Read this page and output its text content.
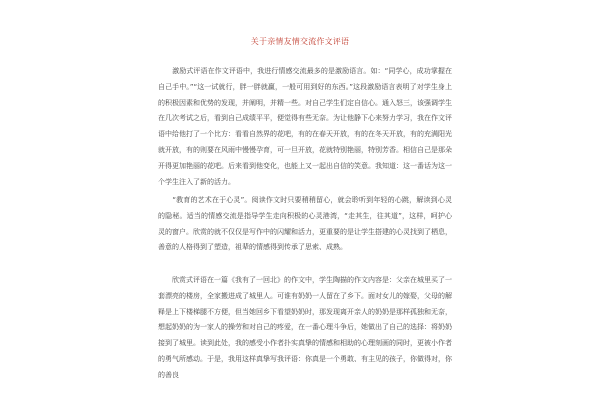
关于亲情友情交流作文评语
　　激励式评语在作文评语中，我进行情感交流最多的是激励语言。如：“同学心，成功掌握在自己手中。”“这一试就行，胖一胖就赢，一般可用到好的东西。”这段激励语言表明了对学生身上的积极因素和优势的发现，并阐明，并精一些。对自己学生们定自信心。通入怒三，该强调学生在几次考试之后，看到自己成绩平平，便觉得有些无奈。为让他静下心来努力学习，我在作文评语中给他打了一个比方：看看自然界的花吧，有的在春天开放，有的在冬天开放，有的充满阳光就开放，有的则要在风雨中慢慢孕育，可一旦开放，花就特别艳丽，特别芳香。相信自己是那朵开得更加艳丽的花吧。后来看到他变化，也能上又一起出自信的笑意。我知道：这一番话为这一个学生注入了新的活力。
　　“教育的艺术在于心灵”。阅读作文时只要稍稍留心，就会聆听到年轻的心跳，解读到心灵的隐秘。适当的情感交流是指导学生走向积极的心灵港湾，“走其生，往其道”，这样，呵护心灵的窗户。欣赏的就不仅仅是写作中的闪耀和活力，更重要的是让学生搭建的心灵找到了栖息，善意的人格得到了塑造，祖辈的情感得到传承了思索、成熟。
　　欣赏式评语在一篇《我有了一回北》的作文中，学生陶描的作文内容是：父亲在城里买了一套漂亮的楼房，全家搬进成了城里人。可谁有奶奶一人留在了乡下。面对女儿的嫁娶，父母的解释是上下楼梯腿不方便，但当她回乡下看望奶奶时，那发现离开亲人的奶奶是那样孤独和无奈，想起奶奶的为一家人的操劳和对自己的疼爱，在一番心理斗争后，她做出了自己的选择：将奶奶接到了城里。读到此处，我的感受小作者扑实真挚的情感和相助的心理刻画的同时，更被小作者的勇气所感动。于是，我用这样真挚写我评语：你真是一个勇敢、有主见的孩子，你做得对，你的善良
